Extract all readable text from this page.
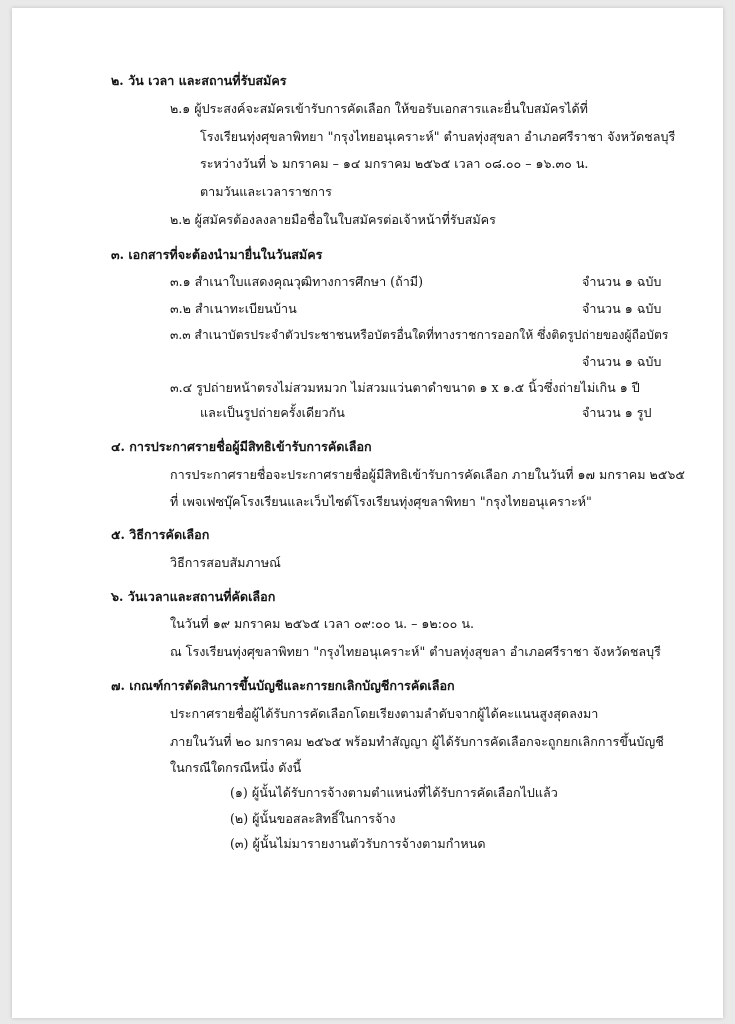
๒. วัน เวลา และสถานที่รับสมัคร
๒.๑ ผู้ประสงค์จะสมัครเข้ารับการคัดเลือก ให้ขอรับเอกสารและยื่นใบสมัครได้ที่
โรงเรียนทุ่งศุขลาพิทยา "กรุงไทยอนุเคราะห์" ตำบลทุ่งสุขลา อำเภอศรีราชา จังหวัดชลบุรี
ระหว่างวันที่ ๖ มกราคม – ๑๔ มกราคม ๒๕๖๕ เวลา ๐๘.๐๐ – ๑๖.๓๐ น.
ตามวันและเวลาราชการ
๒.๒ ผู้สมัครต้องลงลายมือชื่อในใบสมัครต่อเจ้าหน้าที่รับสมัคร
๓. เอกสารที่จะต้องนำมายื่นในวันสมัคร
๓.๑ สำเนาใบแสดงคุณวุฒิทางการศึกษา (ถ้ามี)	จำนวน ๑ ฉบับ
๓.๒ สำเนาทะเบียนบ้าน	จำนวน ๑ ฉบับ
๓.๓ สำเนาบัตรประจำตัวประชาชนหรือบัตรอื่นใดที่ทางราชการออกให้ ซึ่งติดรูปถ่ายของผู้ถือบัตร
จำนวน ๑ ฉบับ
๓.๔ รูปถ่ายหน้าตรงไม่สวมหมวก ไม่สวมแว่นตาดำขนาด ๑ x ๑.๕ นิ้วซึ่งถ่ายไม่เกิน ๑ ปี
และเป็นรูปถ่ายครั้งเดียวกัน	จำนวน ๑ รูป
๔. การประกาศรายชื่อผู้มีสิทธิเข้ารับการคัดเลือก
การประกาศรายชื่อจะประกาศรายชื่อผู้มีสิทธิเข้ารับการคัดเลือก ภายในวันที่ ๑๗ มกราคม ๒๕๖๕
ที่ เพจเฟซบุ๊คโรงเรียนและเว็บไซต์โรงเรียนทุ่งศุขลาพิทยา "กรุงไทยอนุเคราะห์"
๕. วิธีการคัดเลือก
วิธีการสอบสัมภาษณ์
๖. วันเวลาและสถานที่คัดเลือก
ในวันที่ ๑๙ มกราคม ๒๕๖๕ เวลา ๐๙:๐๐ น. – ๑๒:๐๐ น.
ณ โรงเรียนทุ่งศุขลาพิทยา "กรุงไทยอนุเคราะห์" ตำบลทุ่งสุขลา อำเภอศรีราชา จังหวัดชลบุรี
๗. เกณฑ์การตัดสินการขึ้นบัญชีและการยกเลิกบัญชีการคัดเลือก
ประกาศรายชื่อผู้ได้รับการคัดเลือกโดยเรียงตามลำดับจากผู้ได้คะแนนสูงสุดลงมา
ภายในวันที่ ๒๐ มกราคม ๒๕๖๕ พร้อมทำสัญญา ผู้ได้รับการคัดเลือกจะถูกยกเลิกการขึ้นบัญชี
ในกรณีใดกรณีหนึ่ง ดังนี้
(๑) ผู้นั้นได้รับการจ้างตามตำแหน่งที่ได้รับการคัดเลือกไปแล้ว
(๒) ผู้นั้นขอสละสิทธิ์ในการจ้าง
(๓) ผู้นั้นไม่มารายงานตัวรับการจ้างตามกำหนด
